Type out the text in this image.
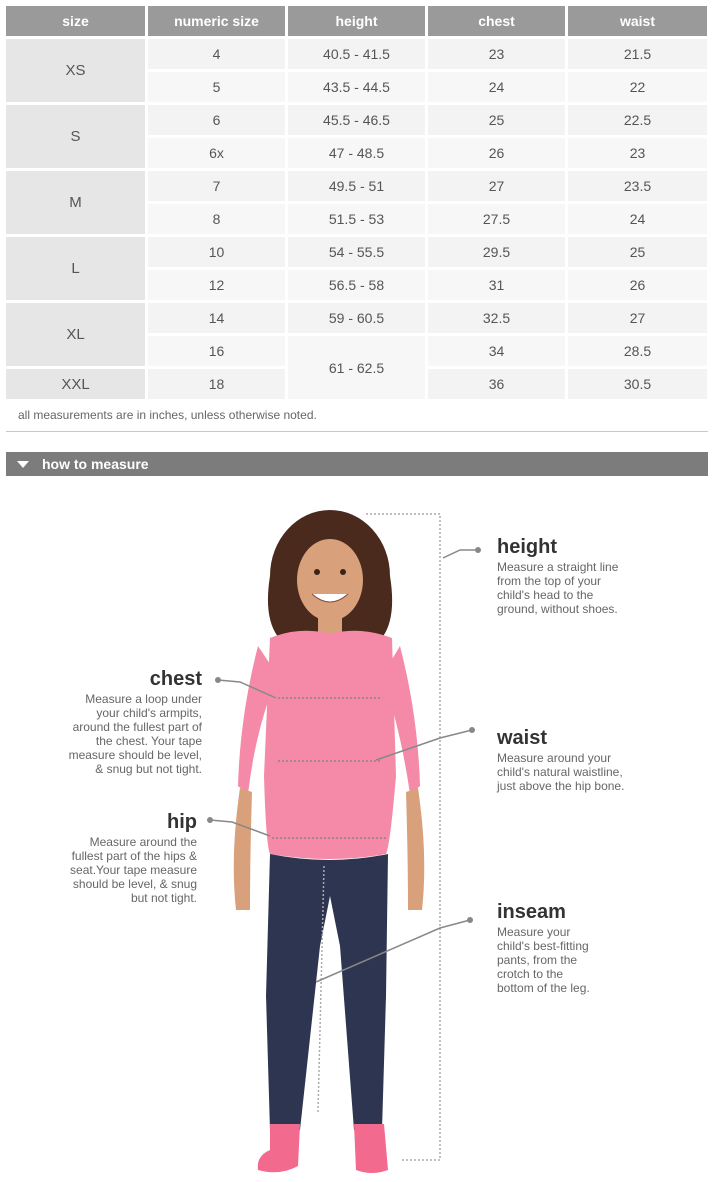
size	numeric size	height	chest	waist
XS	4	40.5 - 41.5	23	21.5
	5	43.5 - 44.5	24	22
S	6	45.5 - 46.5	25	22.5
	6x	47 - 48.5	26	23
M	7	49.5 - 51	27	23.5
	8	51.5 - 53	27.5	24
L	10	54 - 55.5	29.5	25
	12	56.5 - 58	31	26
XL	14	59 - 60.5	32.5	27
	16	61 - 62.5	34	28.5
XXL	18		36	30.5
all measurements are in inches, unless otherwise noted.
how to measure
height
Measure a straight line
from the top of your
child's head to the
ground, without shoes.
chest
Measure a loop under
your child's armpits,
around the fullest part of
the chest. Your tape
measure should be level,
& snug but not tight.
waist
Measure around your
child's natural waistline,
just above the hip bone.
hip
Measure around the
fullest part of the hips &
seat.Your tape measure
should be level, & snug
but not tight.
inseam
Measure your
child's best-fitting
pants, from the
crotch to the
bottom of the leg.
